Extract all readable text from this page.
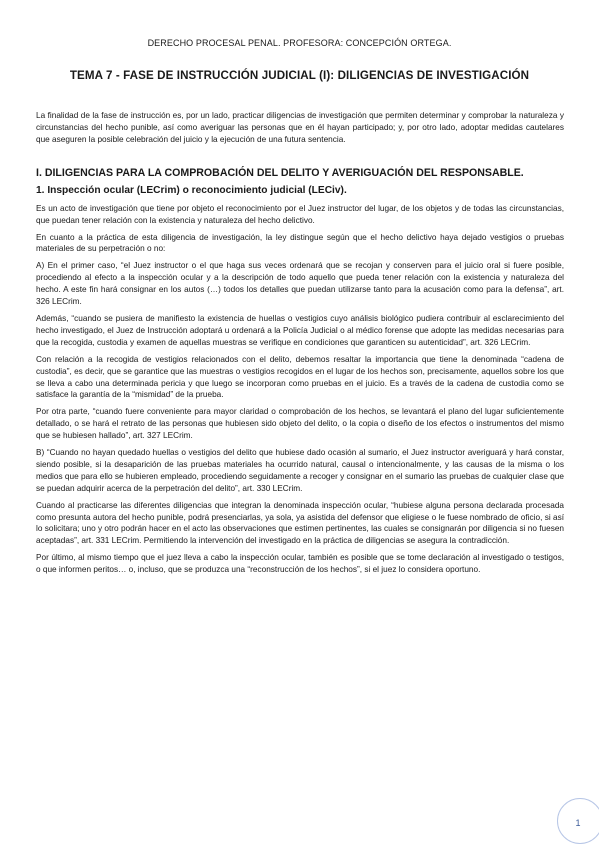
DERECHO PROCESAL PENAL. PROFESORA: CONCEPCIÓN ORTEGA.
TEMA 7 - FASE DE INSTRUCCIÓN JUDICIAL (I): DILIGENCIAS DE INVESTIGACIÓN

La finalidad de la fase de instrucción es, por un lado, practicar diligencias de investigación que permiten determinar y comprobar la naturaleza y circunstancias del hecho punible, así como averiguar las personas que en él hayan participado; y, por otro lado, adoptar medidas cautelares que aseguren la posible celebración del juicio y la ejecución de una futura sentencia.

I. DILIGENCIAS PARA LA COMPROBACIÓN DEL DELITO Y AVERIGUACIÓN DEL RESPONSABLE.

1. Inspección ocular (LECrim) o reconocimiento judicial (LECiv).

Es un acto de investigación que tiene por objeto el reconocimiento por el Juez instructor del lugar, de los objetos y de todas las circunstancias, que puedan tener relación con la existencia y naturaleza del hecho delictivo.

En cuanto a la práctica de esta diligencia de investigación, la ley distingue según que el hecho delictivo haya dejado vestigios o pruebas materiales de su perpetración o no:

A) En el primer caso, “el Juez instructor o el que haga sus veces ordenará que se recojan y conserven para el juicio oral si fuere posible, procediendo al efecto a la inspección ocular y a la descripción de todo aquello que pueda tener relación con la existencia y naturaleza del hecho. A este fin hará consignar en los autos (…) todos los detalles que puedan utilizarse tanto para la acusación como para la defensa”, art. 326 LECrim.

Además, “cuando se pusiera de manifiesto la existencia de huellas o vestigios cuyo análisis biológico pudiera contribuir al esclarecimiento del hecho investigado, el Juez de Instrucción adoptará u ordenará a la Policía Judicial o al médico forense que adopte las medidas necesarias para que la recogida, custodia y examen de aquellas muestras se verifique en condiciones que garanticen su autenticidad”, art. 326 LECrim.

Con relación a la recogida de vestigios relacionados con el delito, debemos resaltar la importancia que tiene la denominada “cadena de custodia”, es decir, que se garantice que las muestras o vestigios recogidos en el lugar de los hechos son, precisamente, aquellos sobre los que se lleva a cabo una determinada pericia y que luego se incorporan como pruebas en el juicio. Es a través de la cadena de custodia como se satisface la garantía de la “mismidad” de la prueba.

Por otra parte, “cuando fuere conveniente para mayor claridad o comprobación de los hechos, se levantará el plano del lugar suficientemente detallado, o se hará el retrato de las personas que hubiesen sido objeto del delito, o la copia o diseño de los efectos o instrumentos del mismo que se hubiesen hallado”, art. 327 LECrim.

B) “Cuando no hayan quedado huellas o vestigios del delito que hubiese dado ocasión al sumario, el Juez instructor averiguará y hará constar, siendo posible, si la desaparición de las pruebas materiales ha ocurrido natural, causal o intencionalmente, y las causas de la misma o los medios que para ello se hubieren empleado, procediendo seguidamente a recoger y consignar en el sumario las pruebas de cualquier clase que se puedan adquirir acerca de la perpetración del delito”, art. 330 LECrim.

Cuando al practicarse las diferentes diligencias que integran la denominada inspección ocular, “hubiese alguna persona declarada procesada como presunta autora del hecho punible, podrá presenciarlas, ya sola, ya asistida del defensor que eligiese o le fuese nombrado de oficio, si así lo solicitara; uno y otro podrán hacer en el acto las observaciones que estimen pertinentes, las cuales se consignarán por diligencia si no fuesen aceptadas”, art. 331 LECrim. Permitiendo la intervención del investigado en la práctica de diligencias se asegura la contradicción.

Por último, al mismo tiempo que el juez lleva a cabo la inspección ocular, también es posible que se tome declaración al investigado o testigos, o que informen peritos… o, incluso, que se produzca una “reconstrucción de los hechos”, si el juez lo considera oportuno.

1
